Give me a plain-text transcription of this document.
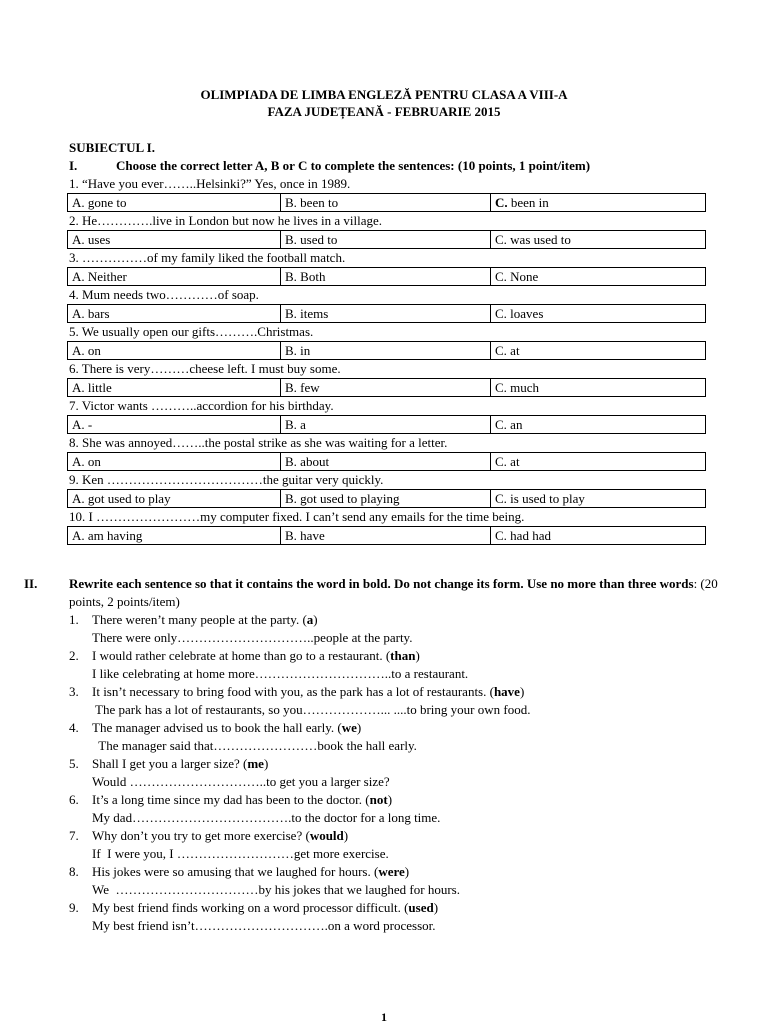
OLIMPIADA DE LIMBA ENGLEZĂ PENTRU CLASA A VIII-A
FAZA JUDEȚEANĂ - FEBRUARIE 2015
SUBIECTUL I.
I.	Choose the correct letter A, B or C to complete the sentences: (10 points, 1 point/item)
1. “Have you ever……..Helsinki?” Yes, once in 1989.
A. gone to	B. been to	C. been in
2. He………….live in London but now he lives in a village.
A. uses	B. used to	C. was used to
3. ……………of my family liked the football match.
A. Neither	B. Both	C. None
4. Mum needs two…………of soap.
A. bars	B. items	C. loaves
5. We usually open our gifts……….Christmas.
A. on	B. in	C. at
6. There is very………cheese left. I must buy some.
A. little	B. few	C. much
7. Victor wants ………..accordion for his birthday.
A. -	B. a	C. an
8. She was annoyed……..the postal strike as she was waiting for a letter.
A. on	B. about	C. at
9. Ken ………………………………the guitar very quickly.
A. got used to play	B. got used to playing	C. is used to play
10. I ……………………my computer fixed. I can’t send any emails for the time being.
A. am having	B. have	C. had had
II. Rewrite each sentence so that it contains the word in bold. Do not change its form. Use no more than three words: (20 points, 2 points/item)
1.	There weren’t many people at the party. (a)
There were only…………………………..people at the party.
2.	I would rather celebrate at home than go to a restaurant. (than)
I like celebrating at home more…………………………..to a restaurant.
3.	It isn’t necessary to bring food with you, as the park has a lot of restaurants. (have)
The park has a lot of restaurants, so you………………... ....to bring your own food.
4.	The manager advised us to book the hall early. (we)
The manager said that……………………book the hall early.
5.	Shall I get you a larger size? (me)
Would …………………………..to get you a larger size?
6.	It’s a long time since my dad has been to the doctor. (not)
My dad……………………………….to the doctor for a long time.
7.	Why don’t you try to get more exercise? (would)
If  I were you, I ………………………get more exercise.
8.	His jokes were so amusing that we laughed for hours. (were)
We  ……………………………by his jokes that we laughed for hours.
9.	My best friend finds working on a word processor difficult. (used)
My best friend isn’t………………………….on a word processor.
1
